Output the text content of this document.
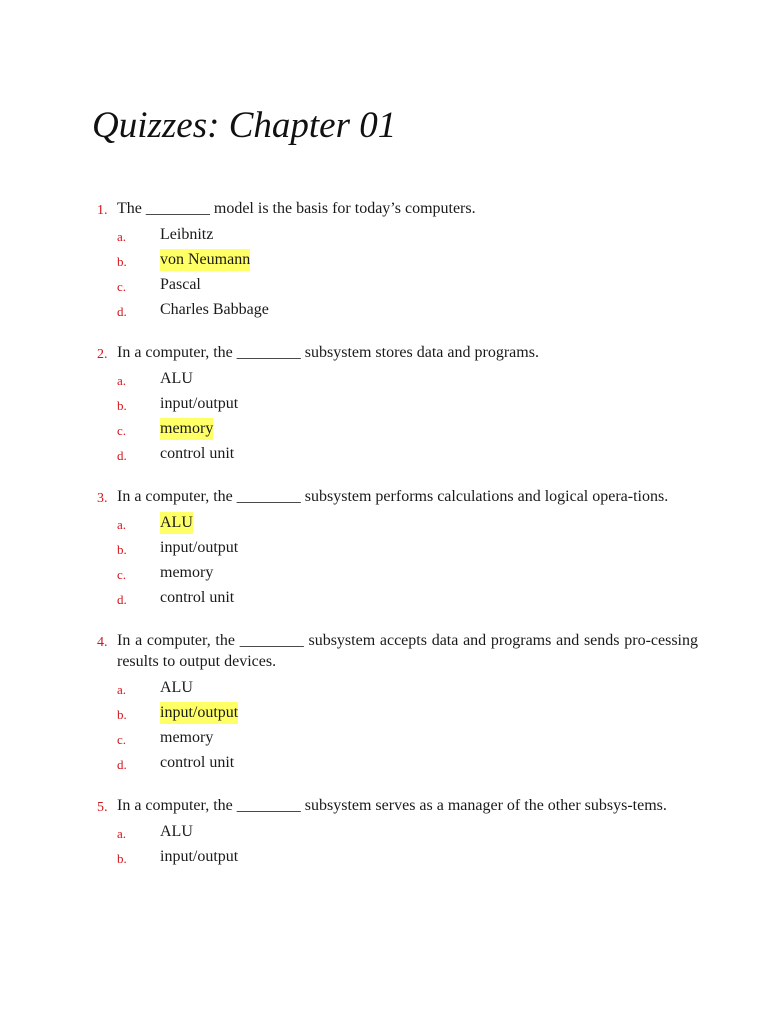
Quizzes: Chapter 01
1. The ________ model is the basis for today’s computers.

a. Leibnitz
b. von Neumann
c. Pascal
d. Charles Babbage
2. In a computer, the ________ subsystem stores data and programs.

a. ALU
b. input/output
c. memory
d. control unit
3. In a computer, the ________ subsystem performs calculations and logical opera-tions.

a. ALU
b. input/output
c. memory
d. control unit
4. In a computer, the ________ subsystem accepts data and programs and sends pro-cessing results to output devices.

a. ALU
b. input/output
c. memory
d. control unit
5. In a computer, the ________ subsystem serves as a manager of the other subsys-tems.

a. ALU
b. input/output
